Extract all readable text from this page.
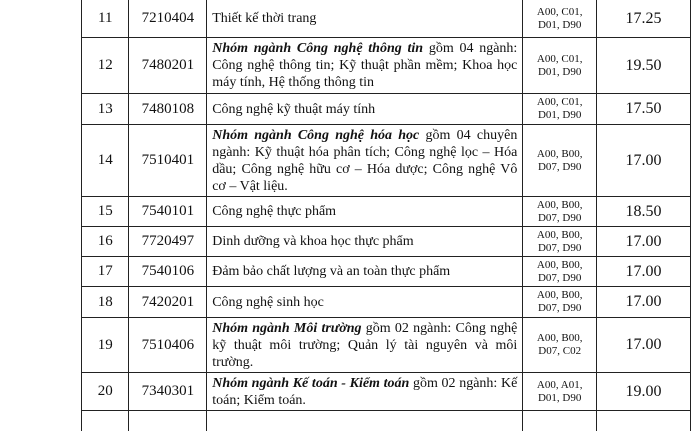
11	7210404	Thiết kế thời trang	A00, C01, D01, D90	17.25
12	7480201	Nhóm ngành Công nghệ thông tin gồm 04 ngành: Công nghệ thông tin; Kỹ thuật phần mềm; Khoa học máy tính, Hệ thống thông tin	A00, C01, D01, D90	19.50
13	7480108	Công nghệ kỹ thuật máy tính	A00, C01, D01, D90	17.50
14	7510401	Nhóm ngành Công nghệ hóa học gồm 04 chuyên ngành: Kỹ thuật hóa phân tích; Công nghệ lọc – Hóa dầu; Công nghệ hữu cơ – Hóa dược; Công nghệ Vô cơ – Vật liệu.	A00, B00, D07, D90	17.00
15	7540101	Công nghệ thực phẩm	A00, B00, D07, D90	18.50
16	7720497	Dinh dưỡng và khoa học thực phẩm	A00, B00, D07, D90	17.00
17	7540106	Đảm bảo chất lượng và an toàn thực phẩm	A00, B00, D07, D90	17.00
18	7420201	Công nghệ sinh học	A00, B00, D07, D90	17.00
19	7510406	Nhóm ngành Môi trường gồm 02 ngành: Công nghệ kỹ thuật môi trường; Quản lý tài nguyên và môi trường.	A00, B00, D07, C02	17.00
20	7340301	Nhóm ngành Kế toán - Kiểm toán gồm 02 ngành: Kế toán; Kiểm toán.	A00, A01, D01, D90	19.00
